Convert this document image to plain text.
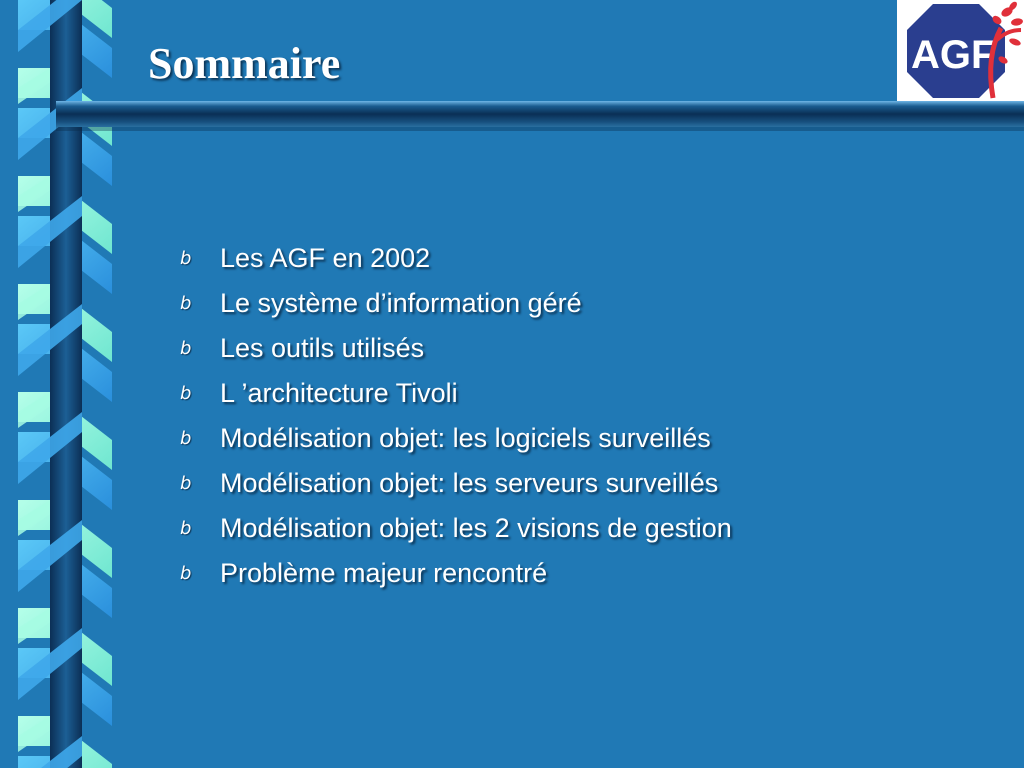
Sommaire	AGF
b	Les AGF en 2002
b	Le système d’information géré
b	Les outils utilisés
b	L ’architecture Tivoli
b	Modélisation objet: les logiciels surveillés
b	Modélisation objet: les serveurs surveillés
b	Modélisation objet: les 2 visions de gestion
b	Problème majeur rencontré
